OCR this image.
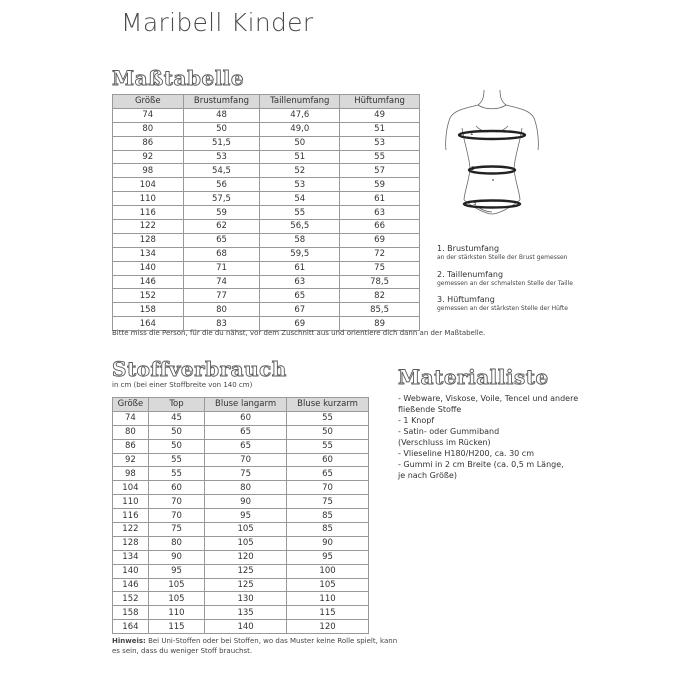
Maribell Kinder
Maßtabelle
Größe	Brustumfang	Taillenumfang	Hüftumfang
74	48	47,6	49
80	50	49,0	51
86	51,5	50	53
92	53	51	55
98	54,5	52	57
104	56	53	59
110	57,5	54	61
116	59	55	63
122	62	56,5	66
128	65	58	69
134	68	59,5	72
140	71	61	75
146	74	63	78,5
152	77	65	82
158	80	67	85,5
164	83	69	89
Bitte miss die Person, für die du nähst, vor dem Zuschnitt aus und orientiere dich dann an der Maßtabelle.
1
2
3
1. Brustumfang
an der stärksten Stelle der Brust gemessen
2. Taillenumfang
gemessen an der schmalsten Stelle der Taille
3. Hüftumfang
gemessen an der stärksten Stelle der Hüfte
Stoffverbrauch
in cm (bei einer Stoffbreite von 140 cm)
Größe	Top	Bluse langarm	Bluse kurzarm
74	45	60	55
80	50	65	50
86	50	65	55
92	55	70	60
98	55	75	65
104	60	80	70
110	70	90	75
116	70	95	85
122	75	105	85
128	80	105	90
134	90	120	95
140	95	125	100
146	105	125	105
152	105	130	110
158	110	135	115
164	115	140	120
Hinweis: Bei Uni-Stoffen oder bei Stoffen, wo das Muster keine Rolle spielt, kann
es sein, dass du weniger Stoff brauchst.
Materialliste
- Webware, Viskose, Voile, Tencel und andere
fließende Stoffe
- 1 Knopf
- Satin- oder Gummiband
(Verschluss im Rücken)
- Vlieseline H180/H200, ca. 30 cm
- Gummi in 2 cm Breite (ca. 0,5 m Länge,
je nach Größe)
